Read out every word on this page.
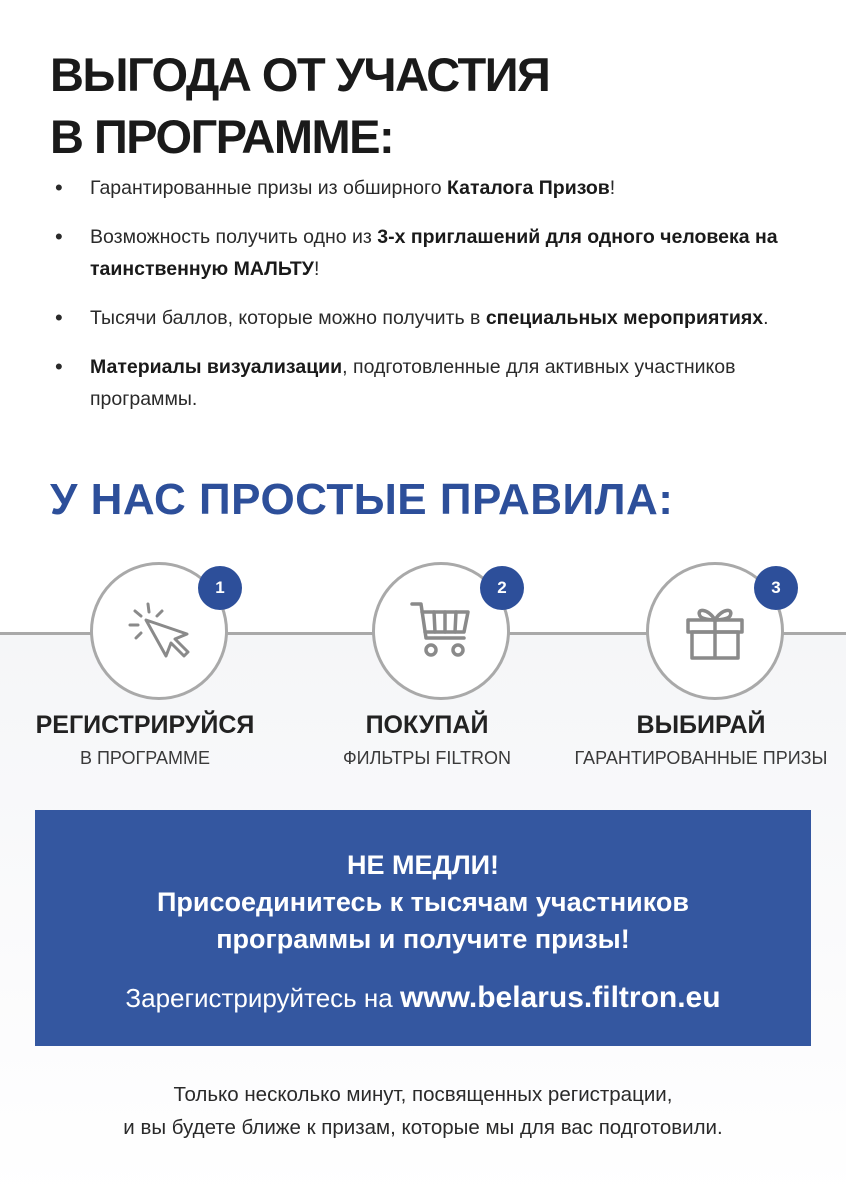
ВЫГОДА ОТ УЧАСТИЯ
В ПРОГРАММЕ:
• Гарантированные призы из обширного Каталога Призов!
• Возможность получить одно из 3-х приглашений для одного человека на таинственную МАЛЬТУ!
• Тысячи баллов, которые можно получить в специальных мероприятиях.
• Материалы визуализации, подготовленные для активных участников программы.
У НАС ПРОСТЫЕ ПРАВИЛА:
1
РЕГИСТРИРУЙСЯ
В ПРОГРАММЕ
2
ПОКУПАЙ
ФИЛЬТРЫ FILTRON
3
ВЫБИРАЙ
ГАРАНТИРОВАННЫЕ ПРИЗЫ
НЕ МЕДЛИ!
Присоединитесь к тысячам участников
программы и получите призы!
Зарегистрируйтесь на www.belarus.filtron.eu
Только несколько минут, посвященных регистрации,
и вы будете ближе к призам, которые мы для вас подготовили.
